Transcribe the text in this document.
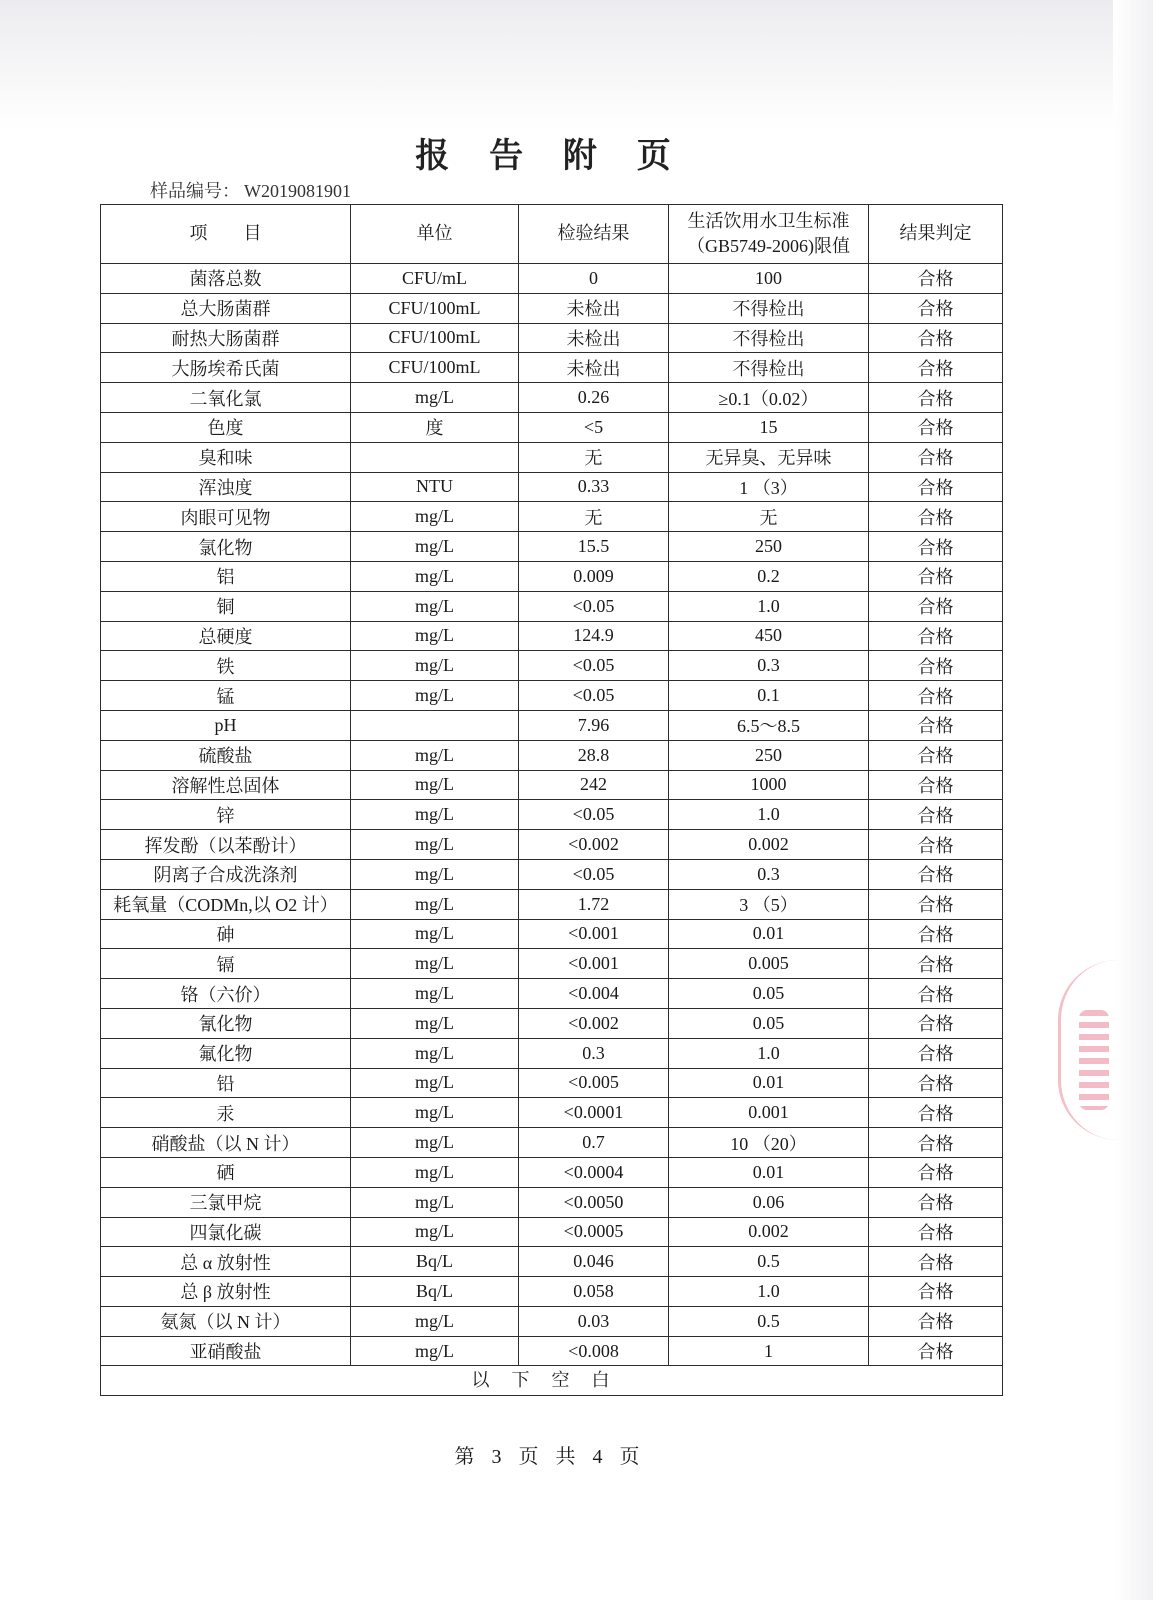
报 告 附 页
样品编号： W2019081901
项　　目	单位	检验结果	生活饮用水卫生标准（GB5749-2006)限值	结果判定
菌落总数	CFU/mL	0	100	合格
总大肠菌群	CFU/100mL	未检出	不得检出	合格
耐热大肠菌群	CFU/100mL	未检出	不得检出	合格
大肠埃希氏菌	CFU/100mL	未检出	不得检出	合格
二氧化氯	mg/L	0.26	≥0.1（0.02）	合格
色度	度	<5	15	合格
臭和味		无	无异臭、无异味	合格
浑浊度	NTU	0.33	1 （3）	合格
肉眼可见物	mg/L	无	无	合格
氯化物	mg/L	15.5	250	合格
铝	mg/L	0.009	0.2	合格
铜	mg/L	<0.05	1.0	合格
总硬度	mg/L	124.9	450	合格
铁	mg/L	<0.05	0.3	合格
锰	mg/L	<0.05	0.1	合格
pH		7.96	6.5～8.5	合格
硫酸盐	mg/L	28.8	250	合格
溶解性总固体	mg/L	242	1000	合格
锌	mg/L	<0.05	1.0	合格
挥发酚（以苯酚计）	mg/L	<0.002	0.002	合格
阴离子合成洗涤剂	mg/L	<0.05	0.3	合格
耗氧量（CODMn,以 O2 计）	mg/L	1.72	3 （5）	合格
砷	mg/L	<0.001	0.01	合格
镉	mg/L	<0.001	0.005	合格
铬（六价）	mg/L	<0.004	0.05	合格
氰化物	mg/L	<0.002	0.05	合格
氟化物	mg/L	0.3	1.0	合格
铅	mg/L	<0.005	0.01	合格
汞	mg/L	<0.0001	0.001	合格
硝酸盐（以 N 计）	mg/L	0.7	10 （20）	合格
硒	mg/L	<0.0004	0.01	合格
三氯甲烷	mg/L	<0.0050	0.06	合格
四氯化碳	mg/L	<0.0005	0.002	合格
总 α 放射性	Bq/L	0.046	0.5	合格
总 β 放射性	Bq/L	0.058	1.0	合格
氨氮（以 N 计）	mg/L	0.03	0.5	合格
亚硝酸盐	mg/L	<0.008	1	合格
以下空白				
第 3 页 共 4 页
